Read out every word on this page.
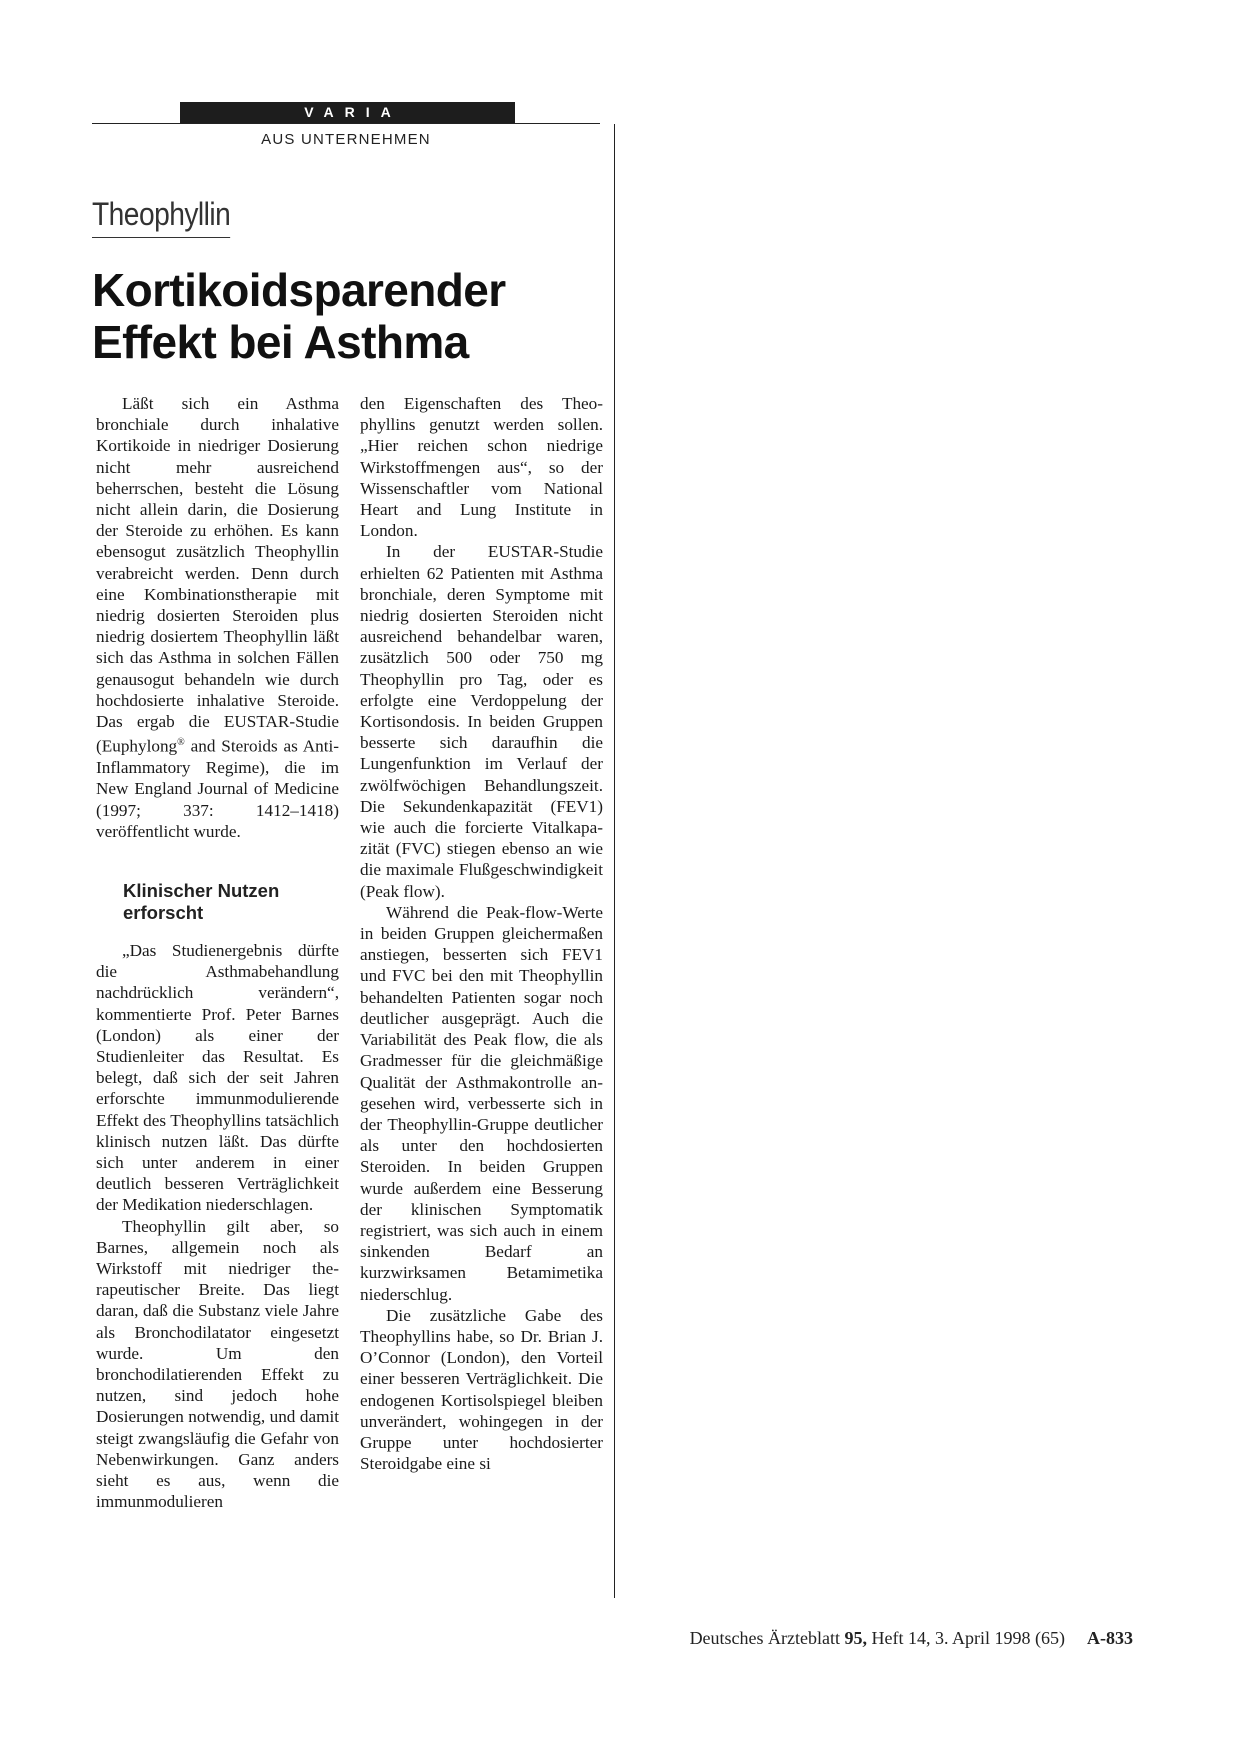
VARIA
AUS UNTERNEHMEN
Theophyllin
Kortikoidsparender
Effekt bei Asthma

Läßt sich ein Asthma bronchiale durch inhalative Kortikoide in niedriger Dosierung nicht mehr ausreichend beherrschen, besteht die Lösung nicht allein darin, die Dosierung der Steroide zu erhöhen. Es kann ebensogut zusätzlich Theophyllin verabreicht werden. Denn durch eine Kombinationstherapie mit niedrig dosierten Steroiden plus niedrig dosiertem Theophyllin läßt sich das Asthma in solchen Fällen genausogut behandeln wie durch hochdosierte inhalative Steroide. Das ergab die EUSTAR-Studie (Euphylong® and Steroids as Anti-Inflammatory Regime), die im New England Journal of Medicine (1997; 337: 1412–1418) veröffentlicht wurde.

Klinischer Nutzen erforscht

„Das Studienergebnis dürfte die Asthmabehandlung nachdrücklich verändern“, kommentierte Prof. Peter Barnes (London) als einer der Studienleiter das Resultat. Es belegt, daß sich der seit Jahren erforschte immunmodulierende Effekt des Theophyllins tatsächlich klinisch nutzen läßt. Das dürfte sich unter anderem in einer deutlich besseren Verträglichkeit der Medikation niederschlagen.

Theophyllin gilt aber, so Barnes, allgemein noch als Wirkstoff mit niedriger therapeutischer Breite. Das liegt daran, daß die Substanz viele Jahre als Bronchodilatator eingesetzt wurde. Um den bronchodilatierenden Effekt zu nutzen, sind jedoch hohe Dosierungen notwendig, und damit steigt zwangsläufig die Gefahr von Nebenwirkungen. Ganz anders sieht es aus, wenn die immunmodulieren

den Eigenschaften des Theophyllins genutzt werden sollen. „Hier reichen schon niedrige Wirkstoffmengen aus“, so der Wissenschaftler vom National Heart and Lung Institute in London.

In der EUSTAR-Studie erhielten 62 Patienten mit Asthma bronchiale, deren Symptome mit niedrig dosierten Steroiden nicht ausreichend behandelbar waren, zusätzlich 500 oder 750 mg Theophyllin pro Tag, oder es erfolgte eine Verdoppelung der Kortisondosis. In beiden Gruppen besserte sich daraufhin die Lungenfunktion im Verlauf der zwölfwöchigen Behandlungszeit. Die Sekundenkapazität (FEV1) wie auch die forcierte Vitalkapazität (FVC) stiegen ebenso an wie die maximale Flußgeschwindigkeit (Peak flow).

Während die Peak-flow-Werte in beiden Gruppen gleichermaßen anstiegen, besserten sich FEV1 und FVC bei den mit Theophyllin behandelten Patienten sogar noch deutlicher ausgeprägt. Auch die Variabilität des Peak flow, die als Gradmesser für die gleichmäßige Qualität der Asthmakontrolle angesehen wird, verbesserte sich in der Theophyllin-Gruppe deutlicher als unter den hochdosierten Steroiden. In beiden Gruppen wurde außerdem eine Besserung der klinischen Symptomatik registriert, was sich auch in einem sinkenden Bedarf an kurzwirksamen Betamimetika niederschlug.

Die zusätzliche Gabe des Theophyllins habe, so Dr. Brian J. O’Connor (London), den Vorteil einer besseren Verträglichkeit. Die endogenen Kortisolspiegel bleiben unverändert, wohingegen in der Gruppe unter hochdosierter Steroidgabe eine si

Deutsches Ärzteblatt 95, Heft 14, 3. April 1998 (65) A-833
